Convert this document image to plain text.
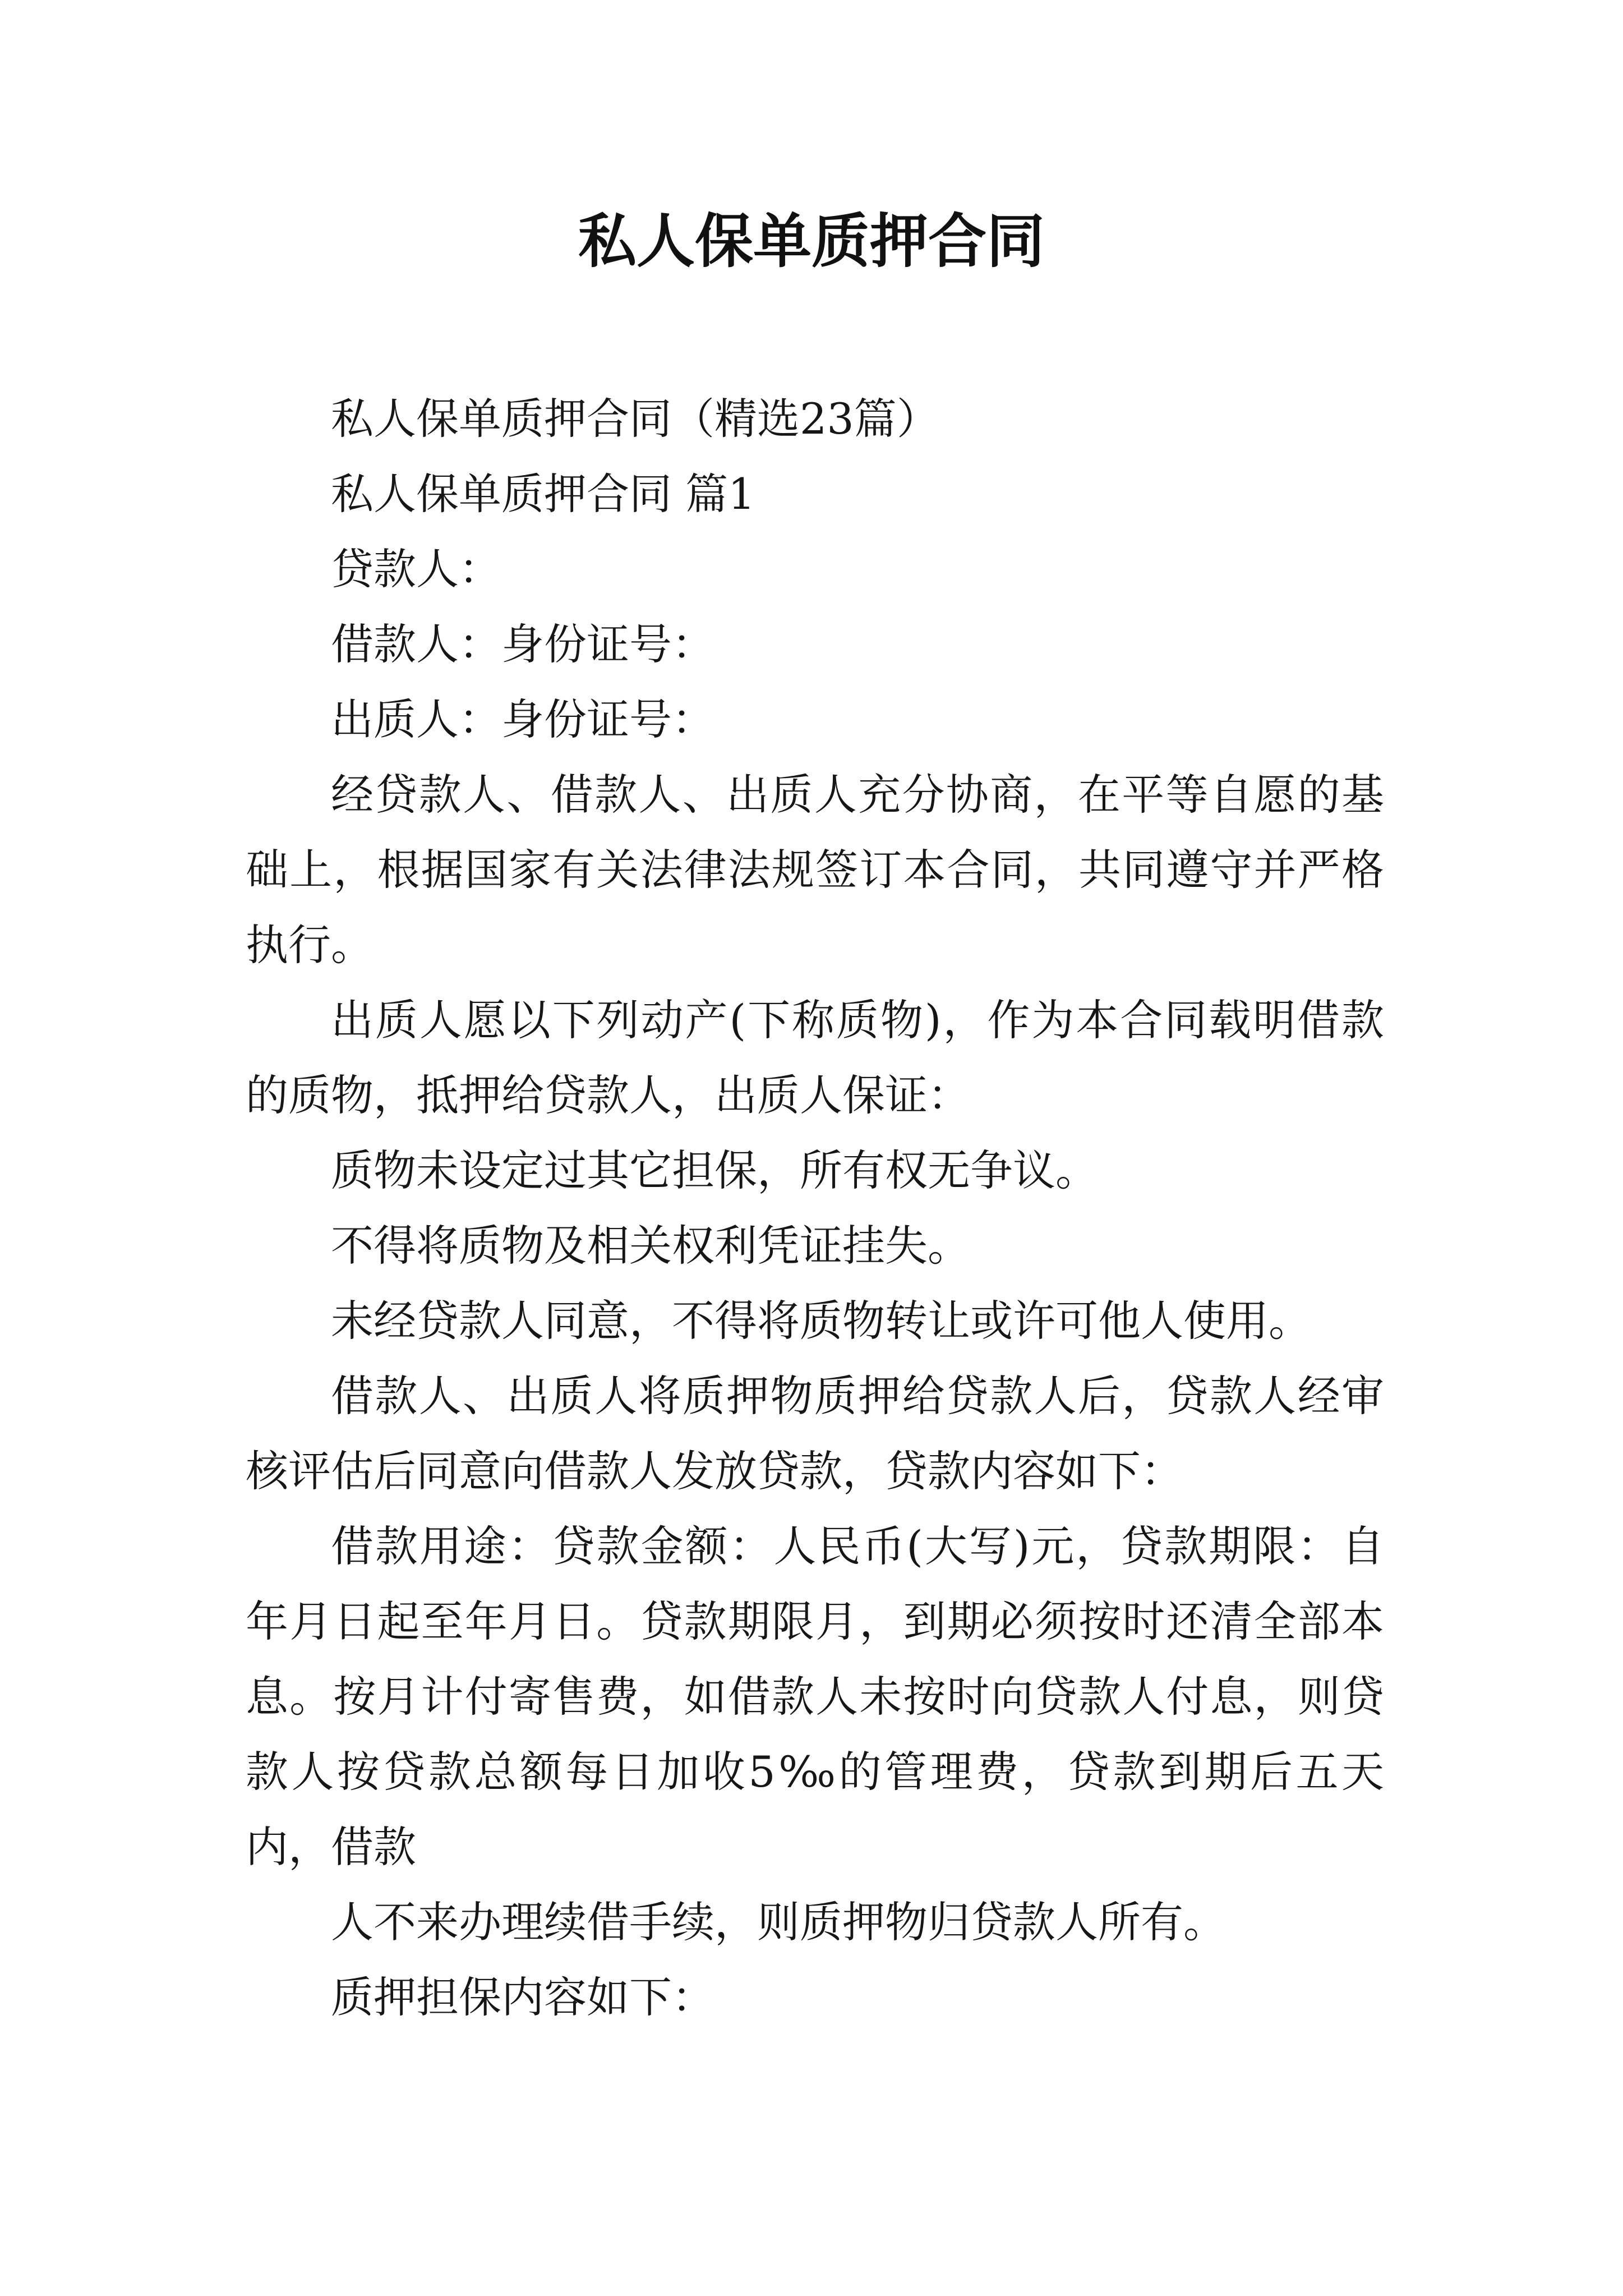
私人保单质押合同

私人保单质押合同（精选23篇）

私人保单质押合同 篇1

贷款人：

借款人：身份证号：

出质人：身份证号：

经贷款人、借款人、出质人充分协商，在平等自愿的基础上，根据国家有关法律法规签订本合同，共同遵守并严格执行。

出质人愿以下列动产(下称质物)，作为本合同载明借款的质物，抵押给贷款人，出质人保证：

质物未设定过其它担保，所有权无争议。

不得将质物及相关权利凭证挂失。

未经贷款人同意，不得将质物转让或许可他人使用。

借款人、出质人将质押物质押给贷款人后，贷款人经审核评估后同意向借款人发放贷款，贷款内容如下：

借款用途：贷款金额：人民币(大写)元，贷款期限：自年月日起至年月日。贷款期限月，到期必须按时还清全部本息。按月计付寄售费，如借款人未按时向贷款人付息，则贷款人按贷款总额每日加收5‰的管理费，贷款到期后五天内，借款

人不来办理续借手续，则质押物归贷款人所有。

质押担保内容如下：
